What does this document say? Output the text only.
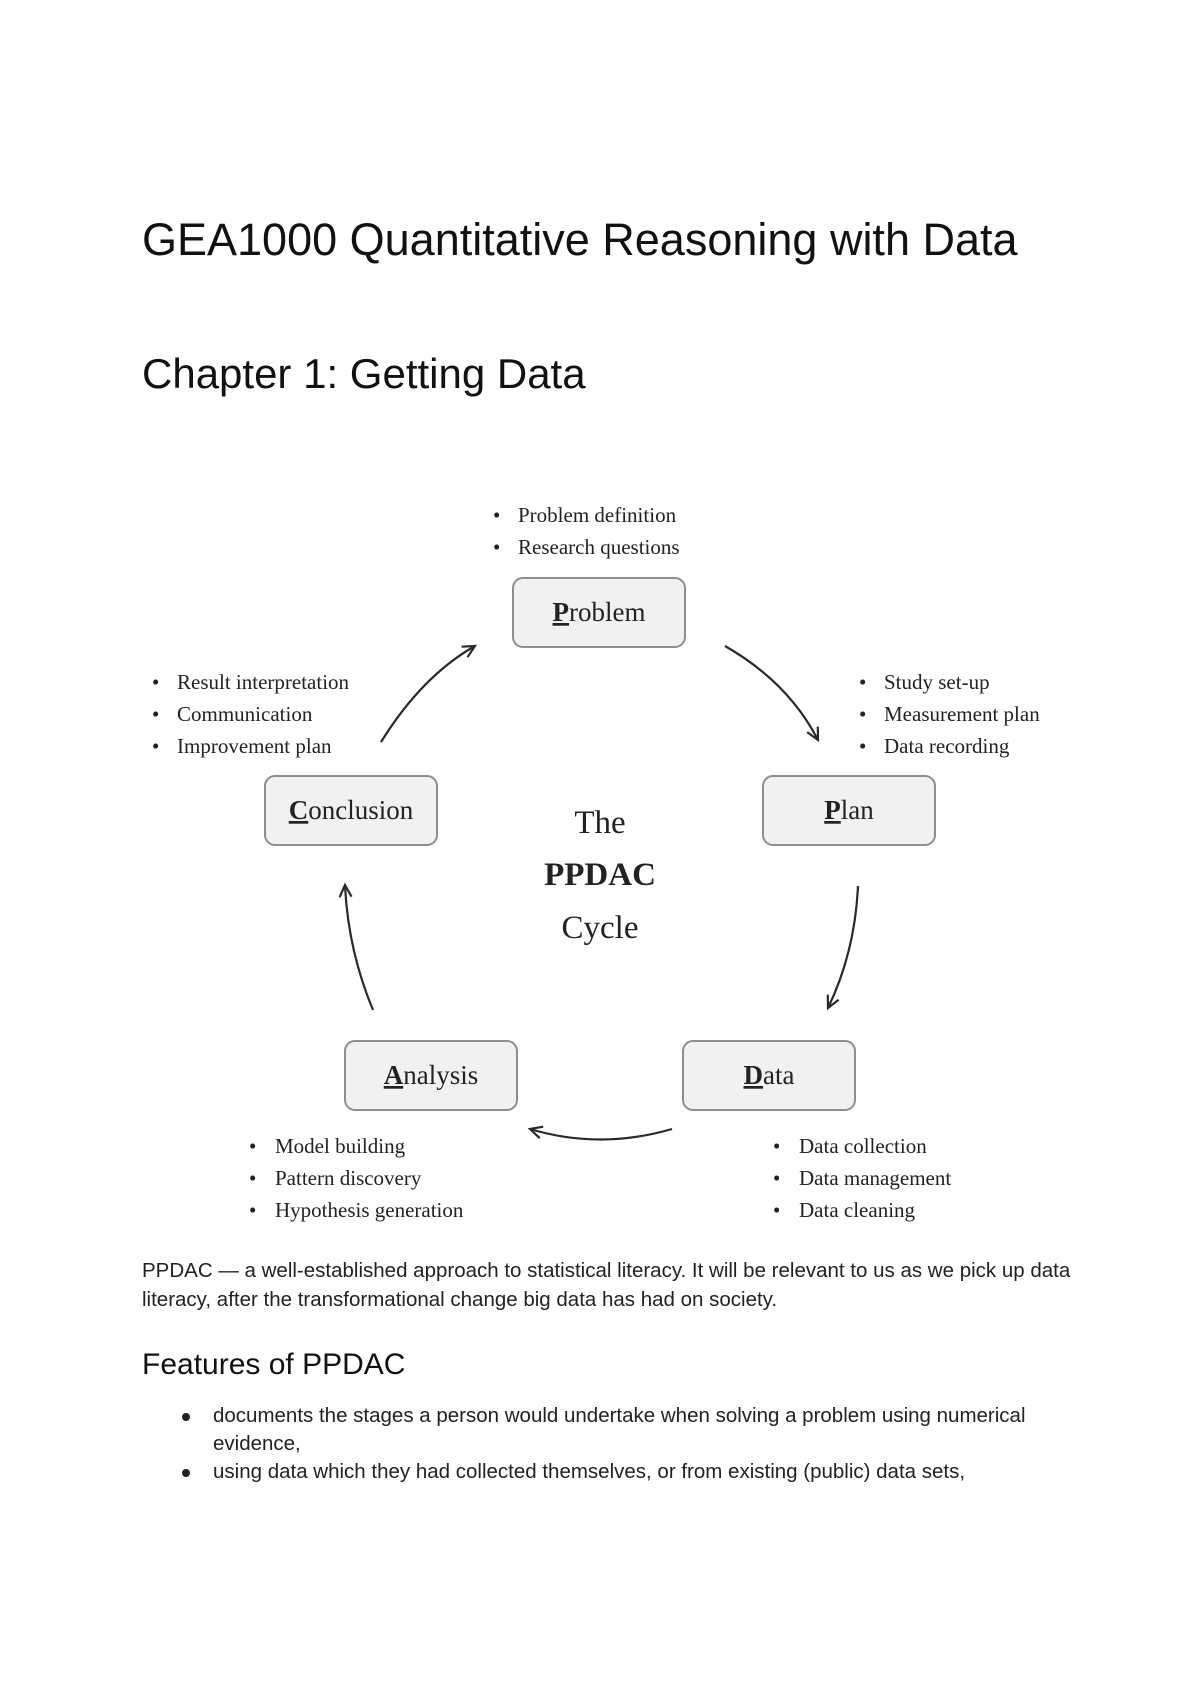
GEA1000 Quantitative Reasoning with Data
Chapter 1: Getting Data
• Problem definition
• Research questions
Problem
• Study set-up
• Measurement plan
• Data recording
Plan
Data
• Data collection
• Data management
• Data cleaning
Analysis
• Model building
• Pattern discovery
• Hypothesis generation
• Result interpretation
• Communication
• Improvement plan
Conclusion	The
PPDAC
Cycle

PPDAC — a well-established approach to statistical literacy. It will be relevant to us as we pick up data literacy, after the transformational change big data has had on society.

Features of PPDAC
documents the stages a person would undertake when solving a problem using numerical evidence,
using data which they had collected themselves, or from existing (public) data sets,
